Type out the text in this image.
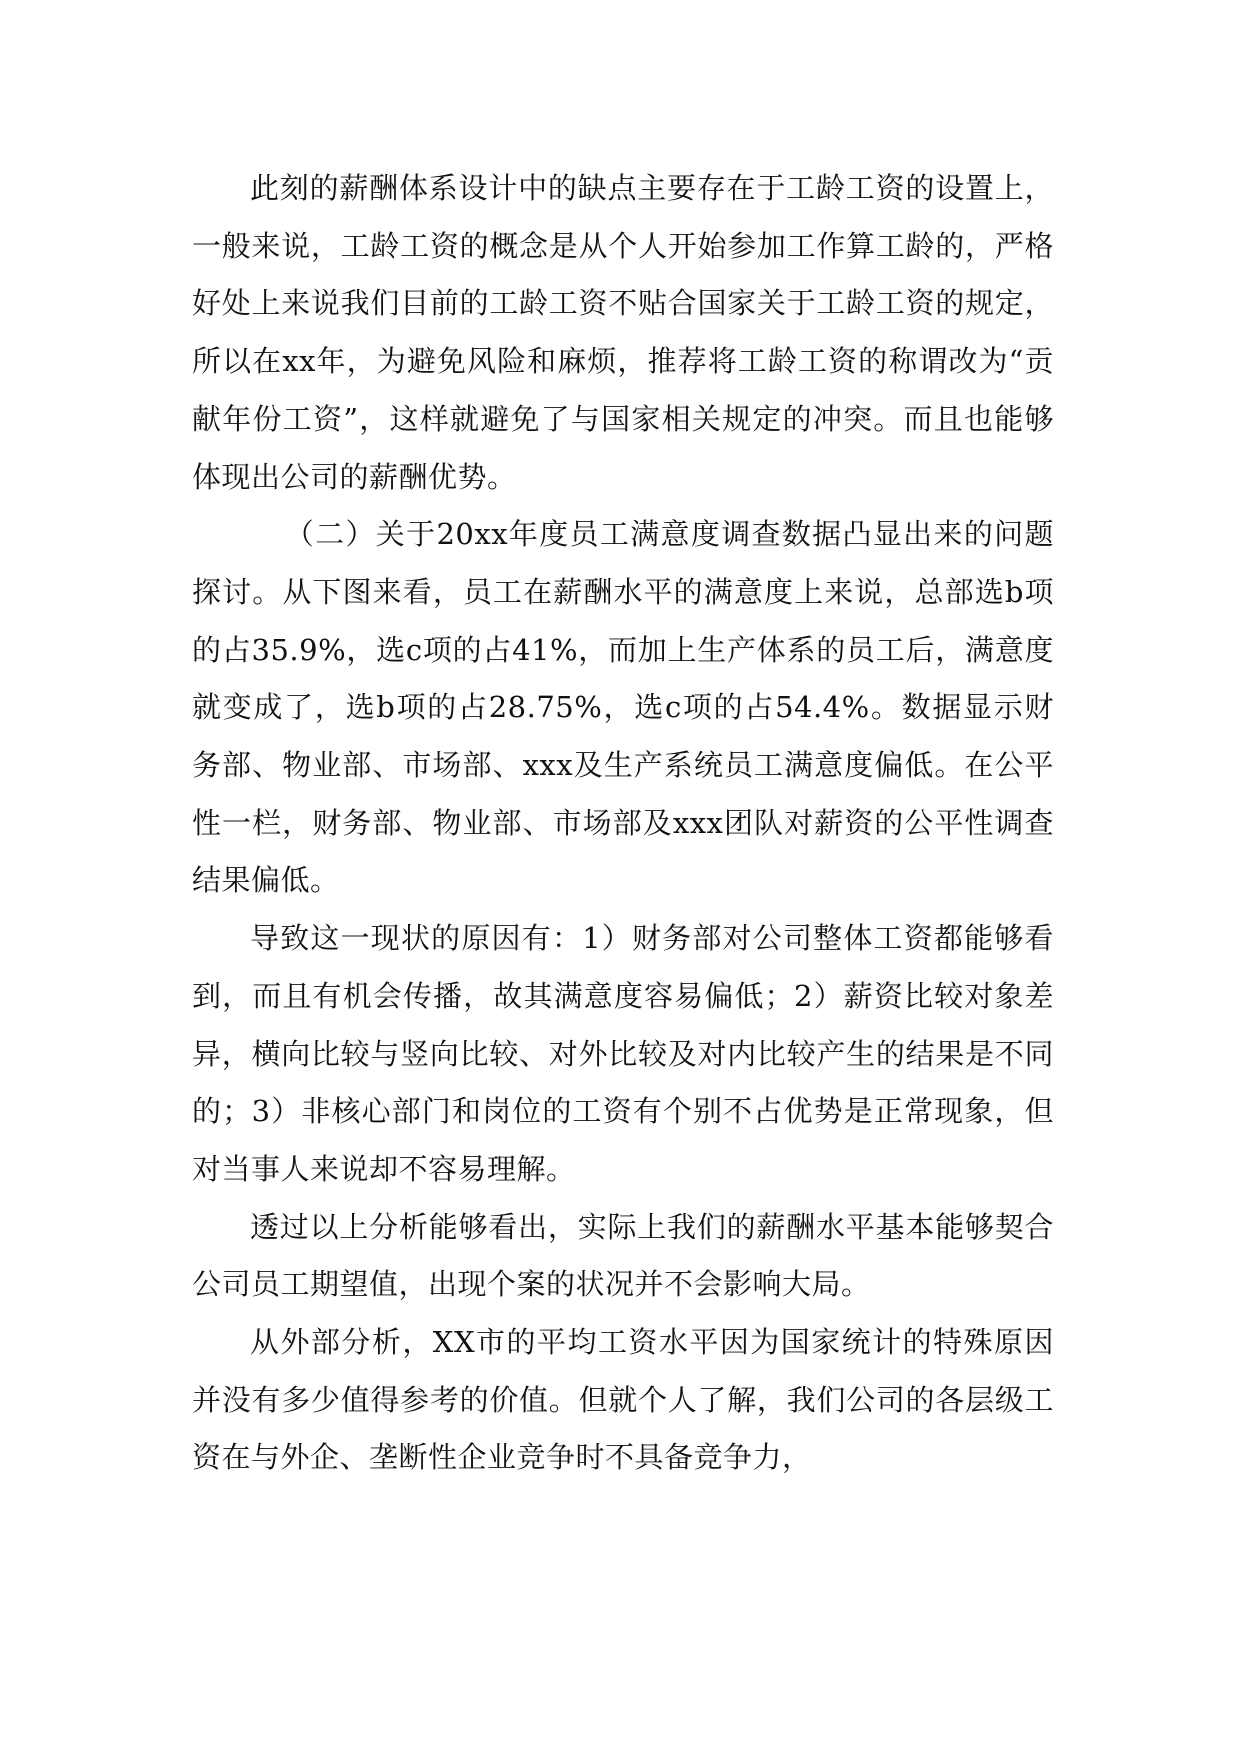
此刻的薪酬体系设计中的缺点主要存在于工龄工资的设置上，一般来说，工龄工资的概念是从个人开始参加工作算工龄的，严格好处上来说我们目前的工龄工资不贴合国家关于工龄工资的规定，所以在xx年，为避免风险和麻烦，推荐将工龄工资的称谓改为“贡献年份工资”，这样就避免了与国家相关规定的冲突。而且也能够体现出公司的薪酬优势。

（二）关于20xx年度员工满意度调查数据凸显出来的问题探讨。从下图来看，员工在薪酬水平的满意度上来说，总部选b项的占35.9%，选c项的占41%，而加上生产体系的员工后，满意度就变成了，选b项的占28.75%，选c项的占54.4%。数据显示财务部、物业部、市场部、xxx及生产系统员工满意度偏低。在公平性一栏，财务部、物业部、市场部及xxx团队对薪资的公平性调查结果偏低。

导致这一现状的原因有：1）财务部对公司整体工资都能够看到，而且有机会传播，故其满意度容易偏低；2）薪资比较对象差异，横向比较与竖向比较、对外比较及对内比较产生的结果是不同的；3）非核心部门和岗位的工资有个别不占优势是正常现象，但对当事人来说却不容易理解。

透过以上分析能够看出，实际上我们的薪酬水平基本能够契合公司员工期望值，出现个案的状况并不会影响大局。

从外部分析，XX市的平均工资水平因为国家统计的特殊原因并没有多少值得参考的价值。但就个人了解，我们公司的各层级工资在与外企、垄断性企业竞争时不具备竞争力，
